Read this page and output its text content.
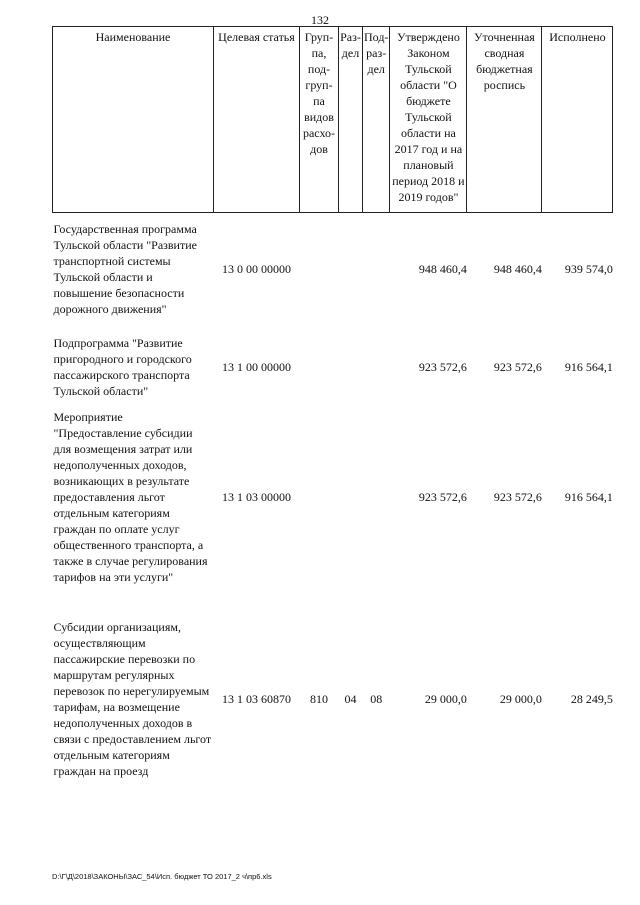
132
Наименование	Целевая статья	Груп-па, под-груп-па видов расхо-дов	Раз-дел	Под-раз-дел	Утверждено Законом Тульской области "О бюджете Тульской области на 2017 год и на плановый период 2018 и 2019 годов"	Уточненная сводная бюджетная роспись	Исполнено
Государственная программа Тульской области "Развитие транспортной системы Тульской области и повышение безопасности дорожного движения"	13 0 00 00000				948 460,4	948 460,4	939 574,0
Подпрограмма "Развитие пригородного и городского пассажирского транспорта Тульской области"	13 1 00 00000				923 572,6	923 572,6	916 564,1
Мероприятие "Предоставление субсидии для возмещения затрат или недополученных доходов, возникающих в результате предоставления льгот отдельным категориям граждан по оплате услуг общественного транспорта, а также в случае регулирования тарифов на эти услуги"	13 1 03 00000				923 572,6	923 572,6	916 564,1
Субсидии организациям, осуществляющим пассажирские перевозки по маршрутам регулярных перевозок по нерегулируемым тарифам, на возмещение недополученных доходов в связи с предоставлением льгот отдельным категориям граждан на проезд	13 1 03 60870	810	04	08	29 000,0	29 000,0	28 249,5
D:\Г\Д\2018\ЗАКОНЫ\ЗАС_54\Исп. бюджет ТО 2017_2 ч\пр6.xls
